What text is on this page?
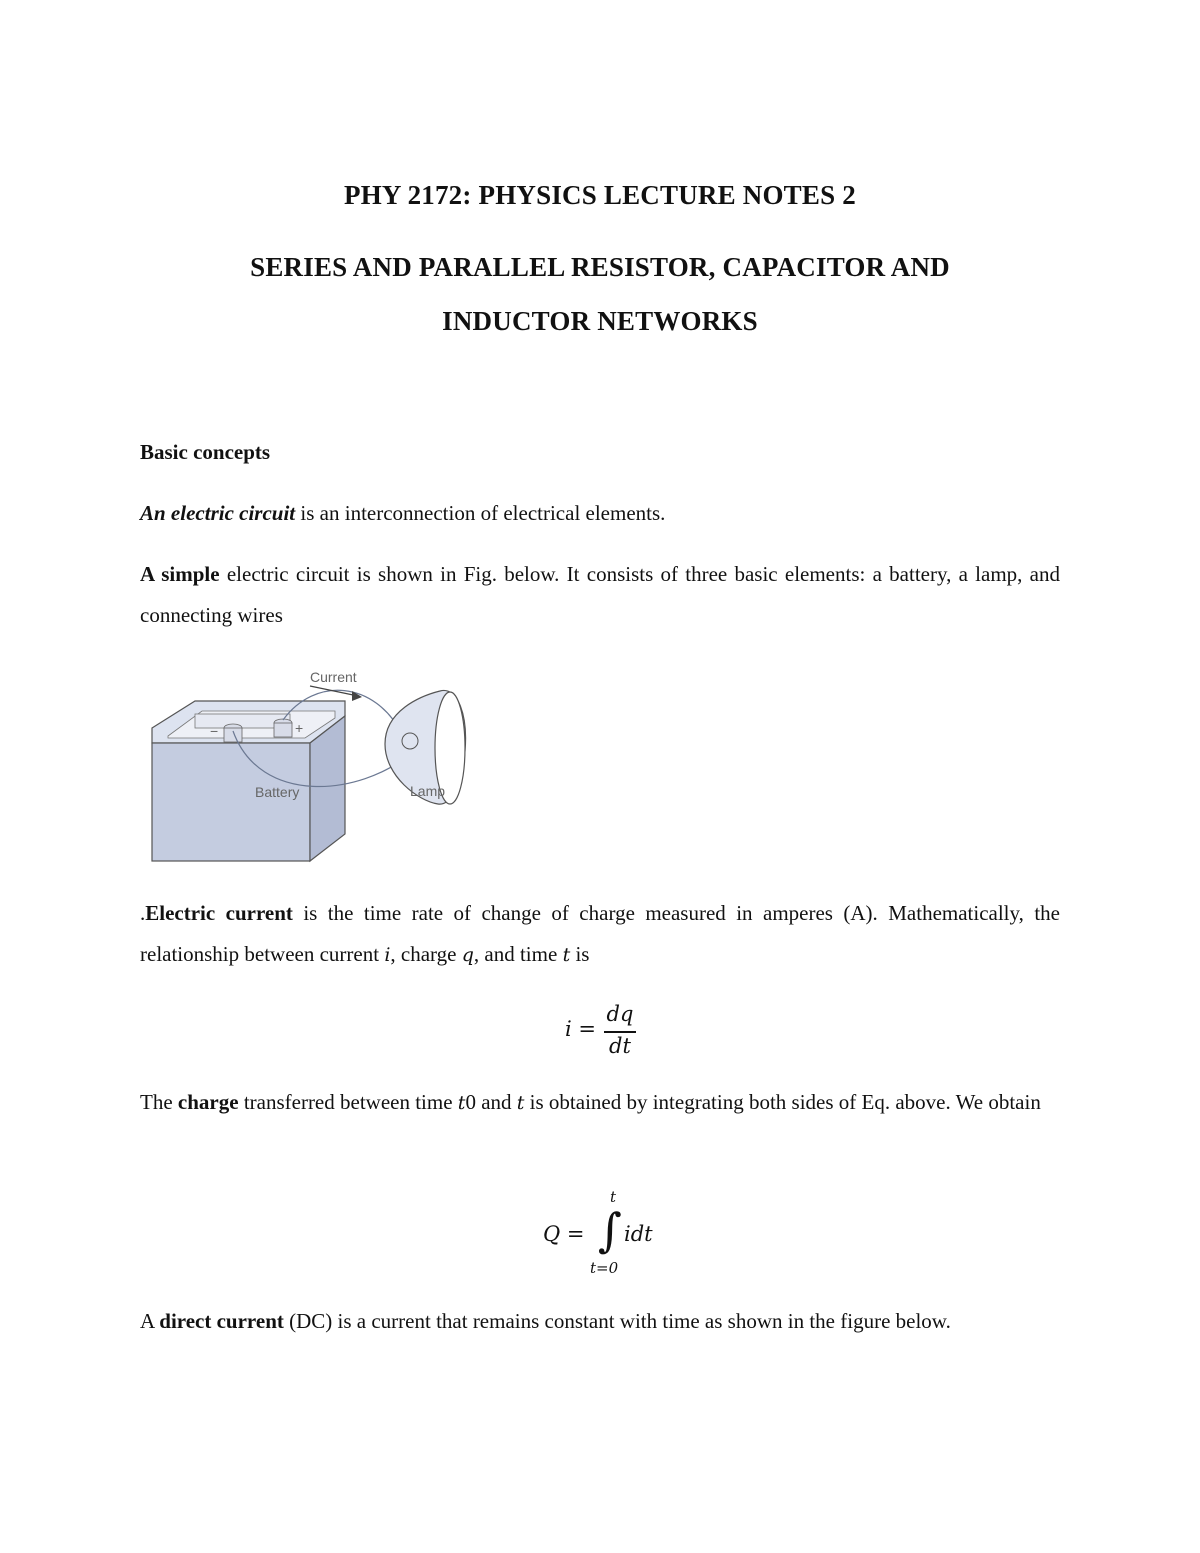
PHY 2172: PHYSICS LECTURE NOTES 2
SERIES AND PARALLEL RESISTOR, CAPACITOR AND
INDUCTOR NETWORKS
Basic concepts
An electric circuit is an interconnection of electrical elements.
A simple electric circuit is shown in Fig. below. It consists of three basic elements: a battery, a lamp, and connecting wires
−	+
Current
Battery	Lamp
.Electric current is the time rate of change of charge measured in amperes (A). Mathematically, the relationship between current i, charge q, and time t is
i =
dq
dt
The charge transferred between time t0 and t is obtained by integrating both sides of Eq. above. We obtain
Q = ∫
t
t=0
idt
A direct current (DC) is a current that remains constant with time as shown in the figure below.
